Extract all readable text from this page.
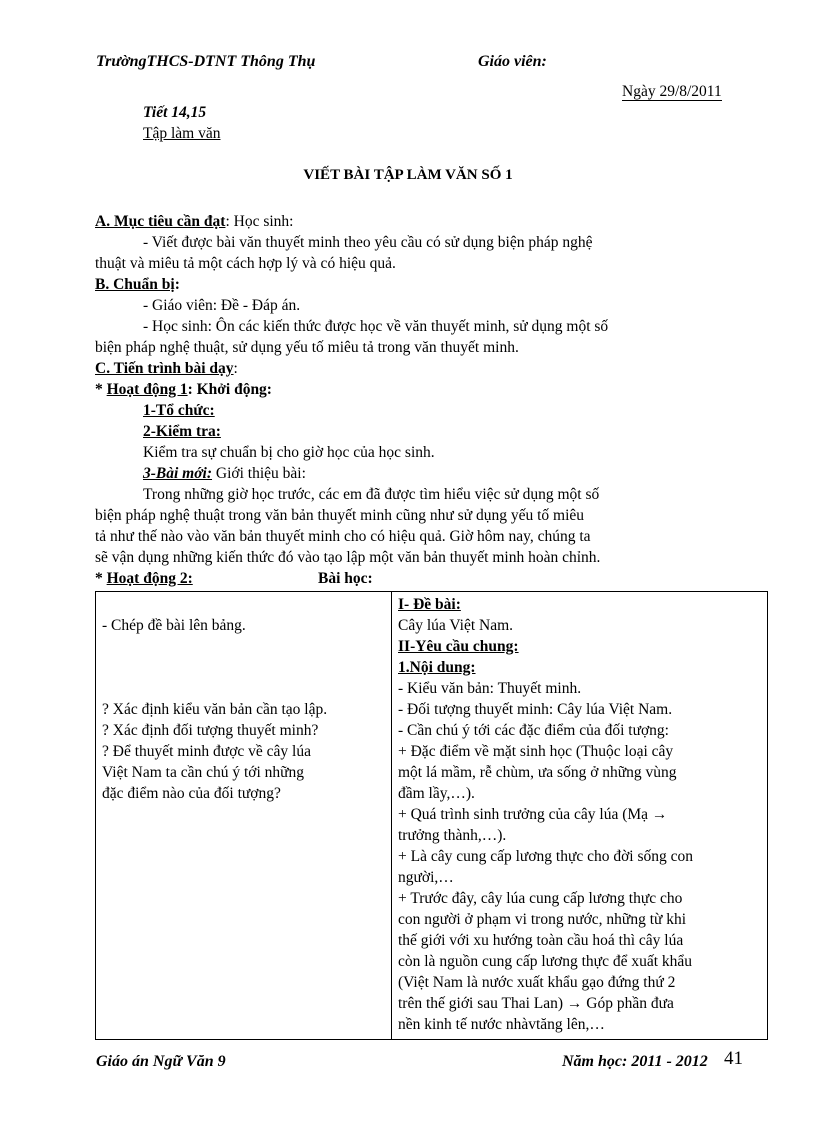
TrườngTHCS-DTNT Thông Thụ	Giáo viên:
Ngày 29/8/2011
Tiết 14,15
Tập làm văn
VIẾT BÀI TẬP LÀM VĂN SỐ 1
A. Mục tiêu cần đạt: Học sinh:
- Viết được bài văn thuyết minh theo yêu cầu có sử dụng biện pháp nghệ
thuật và miêu tả một cách hợp lý và có hiệu quả.
B. Chuẩn bị:
- Giáo viên: Đề - Đáp án.
- Học sinh: Ôn các kiến thức được học về văn thuyết minh, sử dụng một số
biện pháp nghệ thuật, sử dụng yếu tố miêu tả trong văn thuyết minh.
C. Tiến trình bài dạy:
* Hoạt động 1: Khởi động:
1-Tổ chức:
2-Kiểm tra:
Kiểm tra sự chuẩn bị cho giờ học của học sinh.
3-Bài mới: Giới thiệu bài:
Trong những giờ học trước, các em đã được tìm hiểu việc sử dụng một số
biện pháp nghệ thuật trong văn bản thuyết minh cũng như sử dụng yếu tố miêu
tả như thế nào vào văn bản thuyết minh cho có hiệu quả. Giờ hôm nay, chúng ta
sẽ vận dụng những kiến thức đó vào tạo lập một văn bản thuyết minh hoàn chỉnh.
* Hoạt động 2:	Bài học:
- Chép đề bài lên bảng.
? Xác định kiểu văn bản cần tạo lập.
? Xác định đối tượng thuyết minh?
? Để thuyết minh được về cây lúa
Việt Nam ta cần chú ý tới những
đặc điểm nào của đối tượng?

I- Đề bài:
Cây lúa Việt Nam.
II-Yêu cầu chung:
1.Nội dung:
- Kiểu văn bản: Thuyết minh.
- Đối tượng thuyết minh: Cây lúa Việt Nam.
- Cần chú ý tới các đặc điểm của đối tượng:
+ Đặc điểm về mặt sinh học (Thuộc loại cây
một lá mầm, rễ chùm, ưa sống ở những vùng
đầm lầy,…).
+ Quá trình sinh trưởng của cây lúa (Mạ →
trưởng thành,…).
+ Là cây cung cấp lương thực cho đời sống con
người,…
+ Trước đây, cây lúa cung cấp lương thực cho
con người ở phạm vi trong nước, những từ khi
thế giới với xu hướng toàn cầu hoá thì cây lúa
còn là nguồn cung cấp lương thực để xuất khẩu
(Việt Nam là nước xuất khẩu gạo đứng thứ 2
trên thế giới sau Thai Lan) → Góp phần đưa
nền kinh tế nước nhàvtăng lên,…
Giáo án Ngữ Văn 9	Năm học: 2011 - 2012 41
